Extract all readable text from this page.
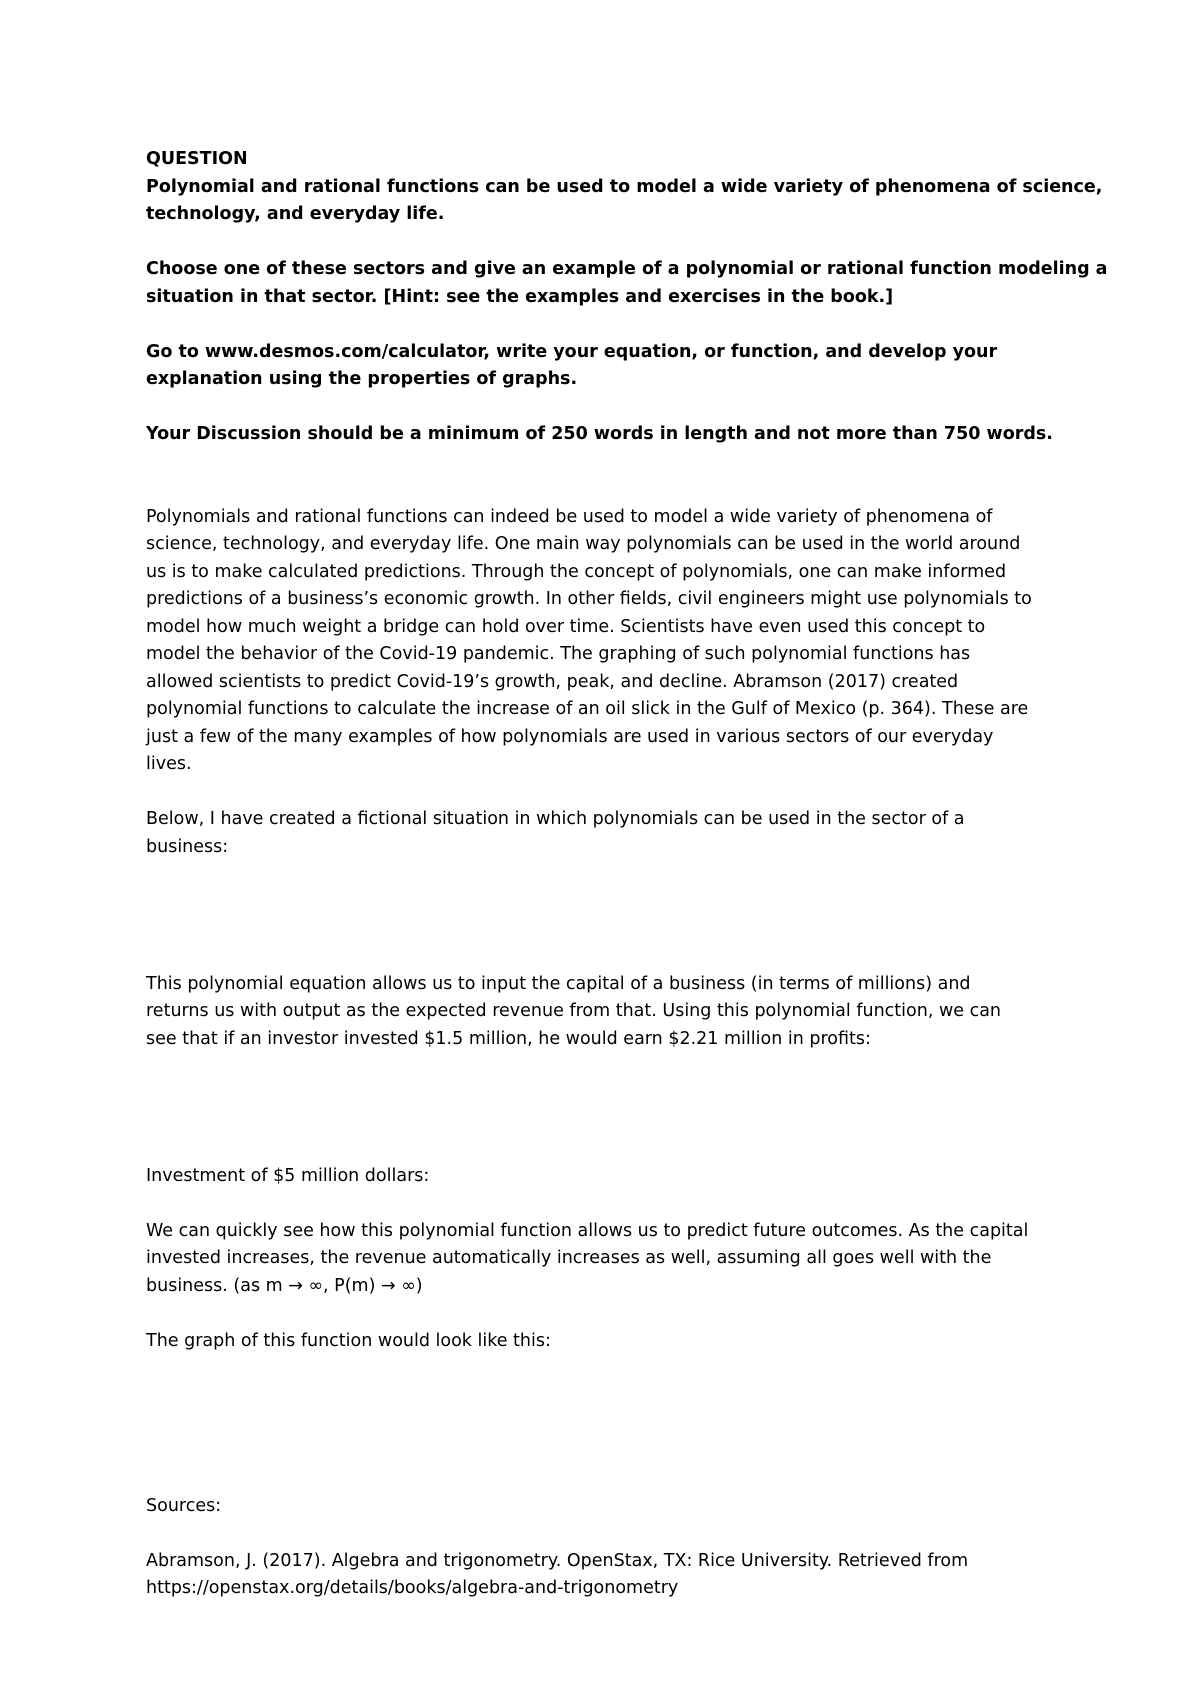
QUESTION
Polynomial and rational functions can be used to model a wide variety of phenomena of science,
technology, and everyday life.
Choose one of these sectors and give an example of a polynomial or rational function modeling a
situation in that sector. [Hint: see the examples and exercises in the book.]
Go to www.desmos.com/calculator, write your equation, or function, and develop your
explanation using the properties of graphs.
Your Discussion should be a minimum of 250 words in length and not more than 750 words.
Polynomials and rational functions can indeed be used to model a wide variety of phenomena of
science, technology, and everyday life. One main way polynomials can be used in the world around
us is to make calculated predictions. Through the concept of polynomials, one can make informed
predictions of a business’s economic growth. In other fields, civil engineers might use polynomials to
model how much weight a bridge can hold over time. Scientists have even used this concept to
model the behavior of the Covid-19 pandemic. The graphing of such polynomial functions has
allowed scientists to predict Covid-19’s growth, peak, and decline. Abramson (2017) created
polynomial functions to calculate the increase of an oil slick in the Gulf of Mexico (p. 364). These are
just a few of the many examples of how polynomials are used in various sectors of our everyday
lives.
Below, I have created a fictional situation in which polynomials can be used in the sector of a
business:
This polynomial equation allows us to input the capital of a business (in terms of millions) and
returns us with output as the expected revenue from that. Using this polynomial function, we can
see that if an investor invested $1.5 million, he would earn $2.21 million in profits:
Investment of $5 million dollars:
We can quickly see how this polynomial function allows us to predict future outcomes. As the capital
invested increases, the revenue automatically increases as well, assuming all goes well with the
business. (as m → ∞, P(m) → ∞)
The graph of this function would look like this:
Sources:
Abramson, J. (2017). Algebra and trigonometry. OpenStax, TX: Rice University. Retrieved from
https://openstax.org/details/books/algebra-and-trigonometry
